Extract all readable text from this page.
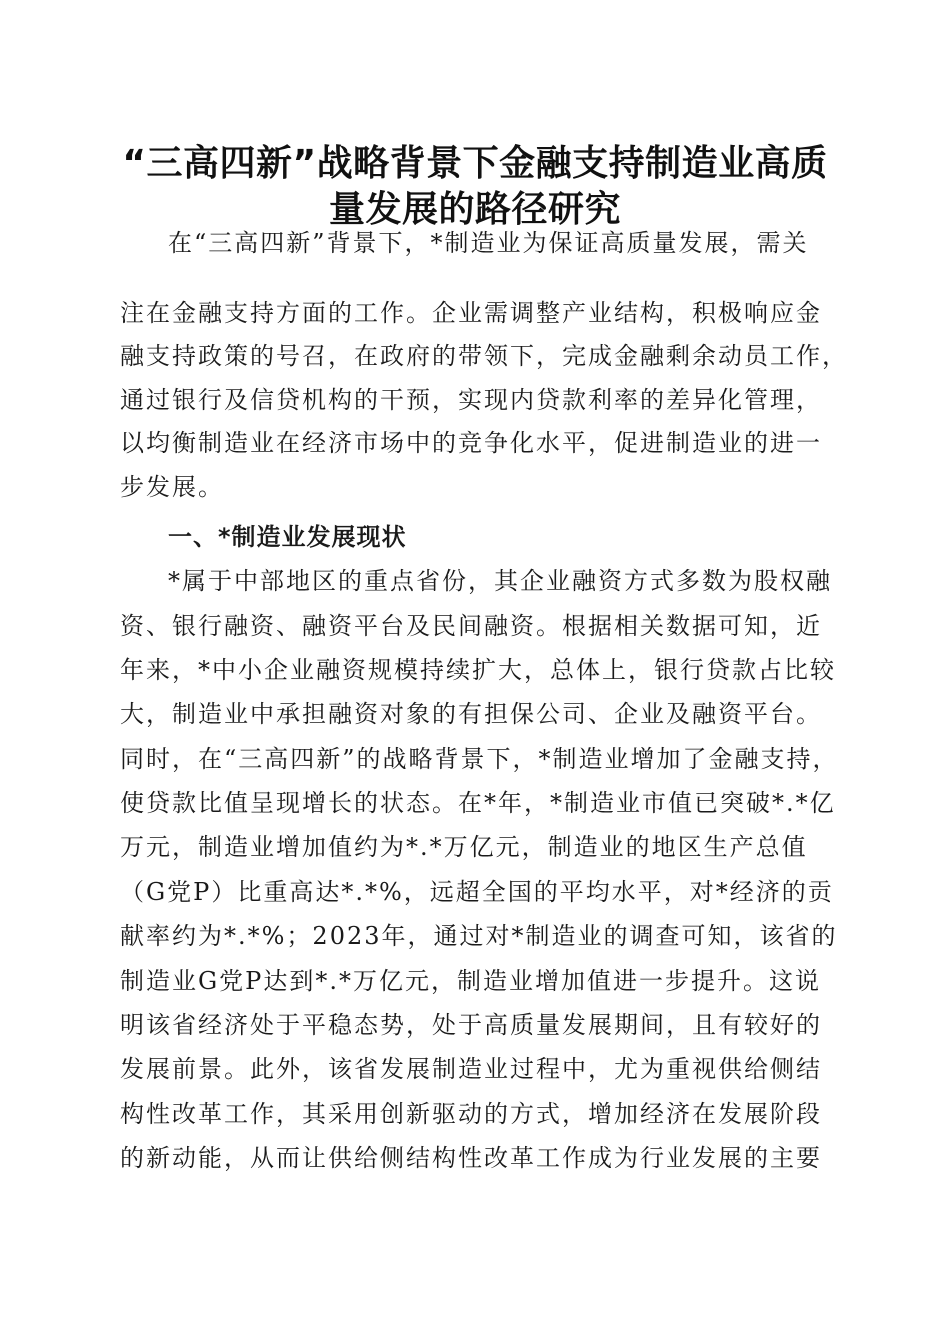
“三高四新”战略背景下金融支持制造业高质
量发展的路径研究
在“三高四新”背景下，*制造业为保证高质量发展，需关
注在金融支持方面的工作。企业需调整产业结构，积极响应金
融支持政策的号召，在政府的带领下，完成金融剩余动员工作，
通过银行及信贷机构的干预，实现内贷款利率的差异化管理，
以均衡制造业在经济市场中的竞争化水平，促进制造业的进一
步发展。
一、*制造业发展现状
*属于中部地区的重点省份，其企业融资方式多数为股权融
资、银行融资、融资平台及民间融资。根据相关数据可知，近
年来，*中小企业融资规模持续扩大，总体上，银行贷款占比较
大，制造业中承担融资对象的有担保公司、企业及融资平台。
同时，在“三高四新”的战略背景下，*制造业增加了金融支持，
使贷款比值呈现增长的状态。在*年，*制造业市值已突破*.*亿
万元，制造业增加值约为*.*万亿元，制造业的地区生产总值
（G党P）比重高达*.*%，远超全国的平均水平，对*经济的贡
献率约为*.*%；2023年，通过对*制造业的调查可知，该省的
制造业G党P达到*.*万亿元，制造业增加值进一步提升。这说
明该省经济处于平稳态势，处于高质量发展期间，且有较好的
发展前景。此外，该省发展制造业过程中，尤为重视供给侧结
构性改革工作，其采用创新驱动的方式，增加经济在发展阶段
的新动能，从而让供给侧结构性改革工作成为行业发展的主要
